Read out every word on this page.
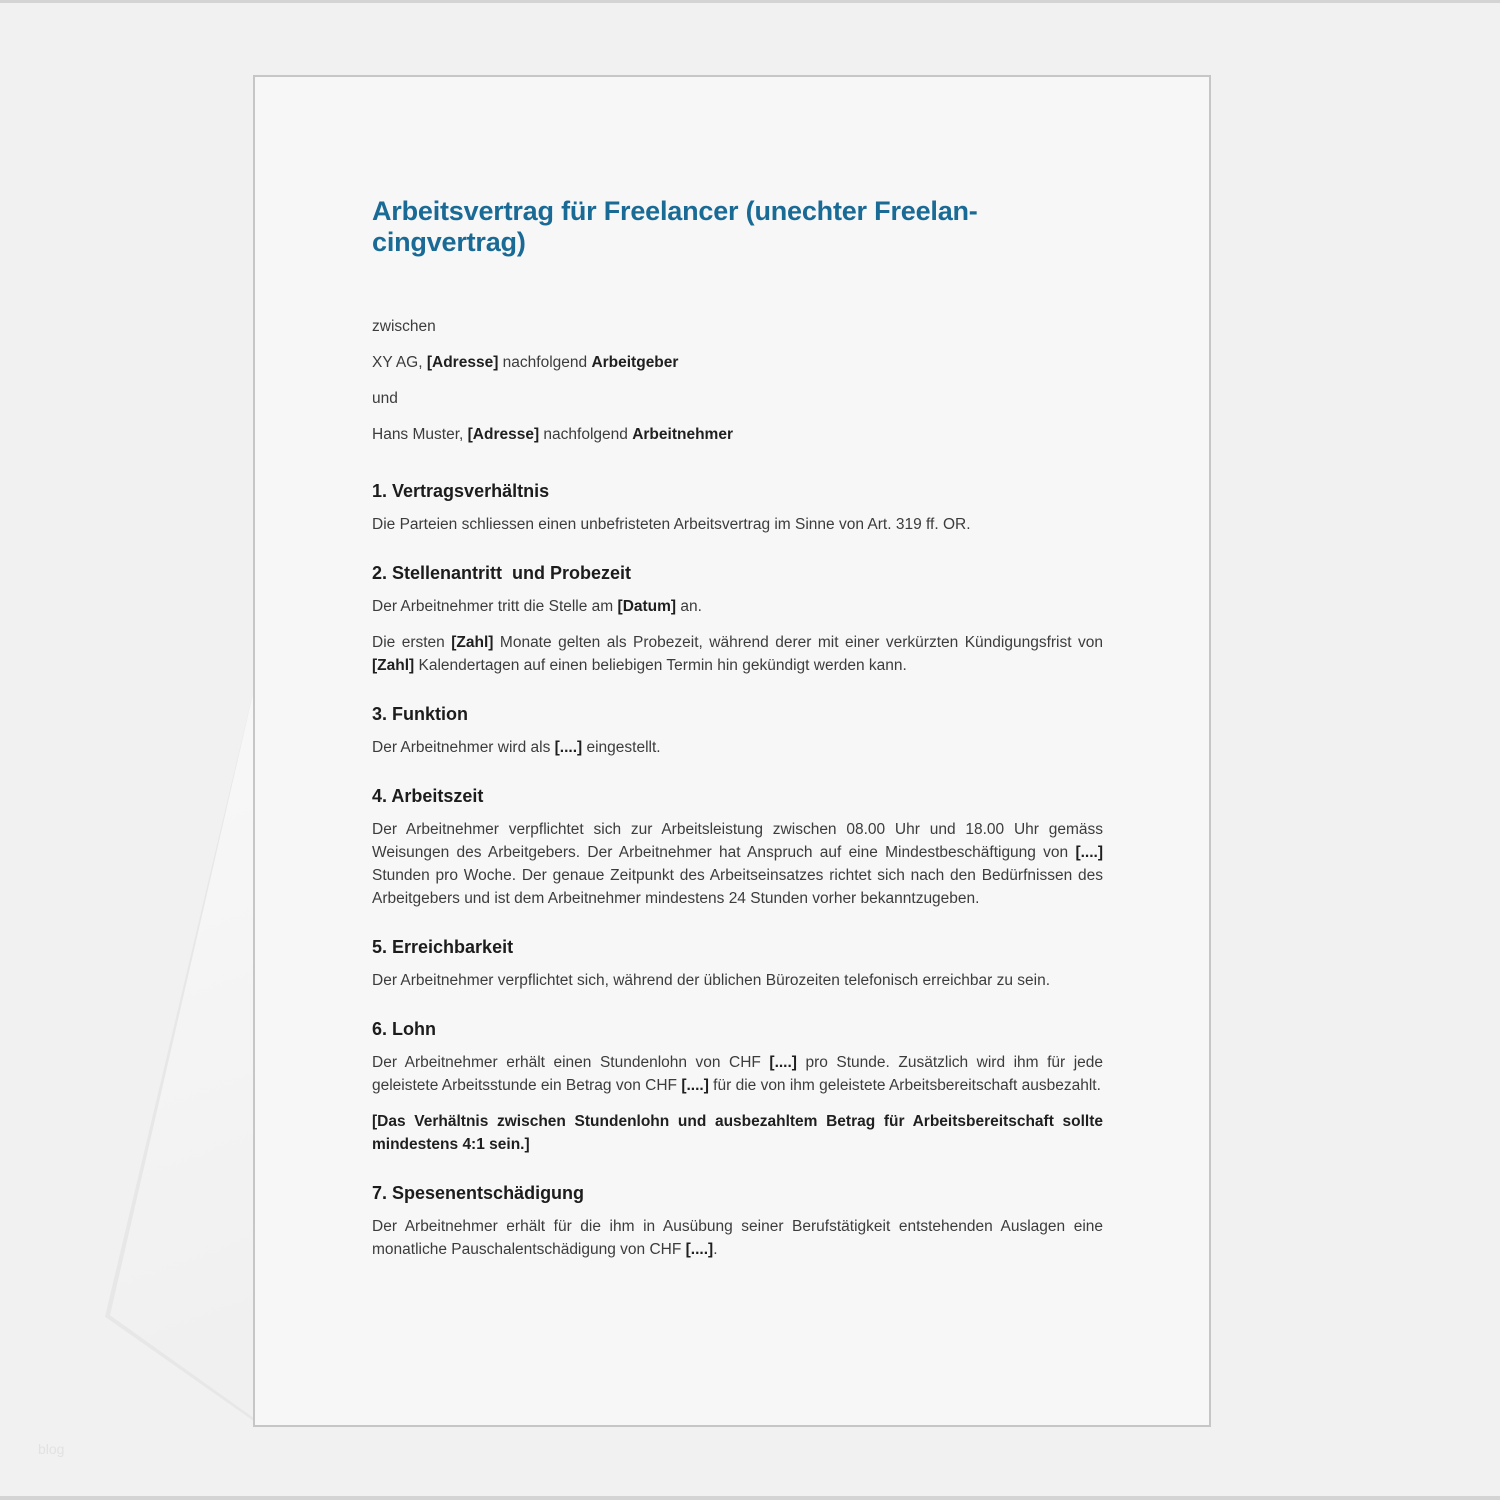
Arbeitsvertrag für Freelancer (unechter Freelan-
cingvertrag)

zwischen

XY AG, [Adresse] nachfolgend Arbeitgeber

und

Hans Muster, [Adresse] nachfolgend Arbeitnehmer

1. Vertragsverhältnis

Die Parteien schliessen einen unbefristeten Arbeitsvertrag im Sinne von Art. 319 ff. OR.

2. Stellenantritt  und Probezeit

Der Arbeitnehmer tritt die Stelle am [Datum] an.

Die ersten [Zahl] Monate gelten als Probezeit, während derer mit einer verkürzten Kündigungsfrist von [Zahl] Kalendertagen auf einen beliebigen Termin hin gekündigt werden kann.

3. Funktion

Der Arbeitnehmer wird als [....] eingestellt.

4. Arbeitszeit

Der Arbeitnehmer verpflichtet sich zur Arbeitsleistung zwischen 08.00 Uhr und 18.00 Uhr gemäss Weisungen des Arbeitgebers. Der Arbeitnehmer hat Anspruch auf eine Mindestbeschäftigung von [....] Stunden pro Woche. Der genaue Zeitpunkt des Arbeitseinsatzes richtet sich nach den Bedürfnissen des Arbeitgebers und ist dem Arbeitnehmer mindestens 24 Stunden vorher bekanntzugeben.

5. Erreichbarkeit

Der Arbeitnehmer verpflichtet sich, während der üblichen Bürozeiten telefonisch erreichbar zu sein.

6. Lohn

Der Arbeitnehmer erhält einen Stundenlohn von CHF [....] pro Stunde. Zusätzlich wird ihm für jede geleistete Arbeitsstunde ein Betrag von CHF [....] für die von ihm geleistete Arbeitsbereitschaft ausbezahlt.

[Das Verhältnis zwischen Stundenlohn und ausbezahltem Betrag für Arbeitsbereitschaft sollte mindestens 4:1 sein.]

7. Spesenentschädigung

Der Arbeitnehmer erhält für die ihm in Ausübung seiner Berufstätigkeit entstehenden Auslagen eine monatliche Pauschalentschädigung von CHF [....].

blog
